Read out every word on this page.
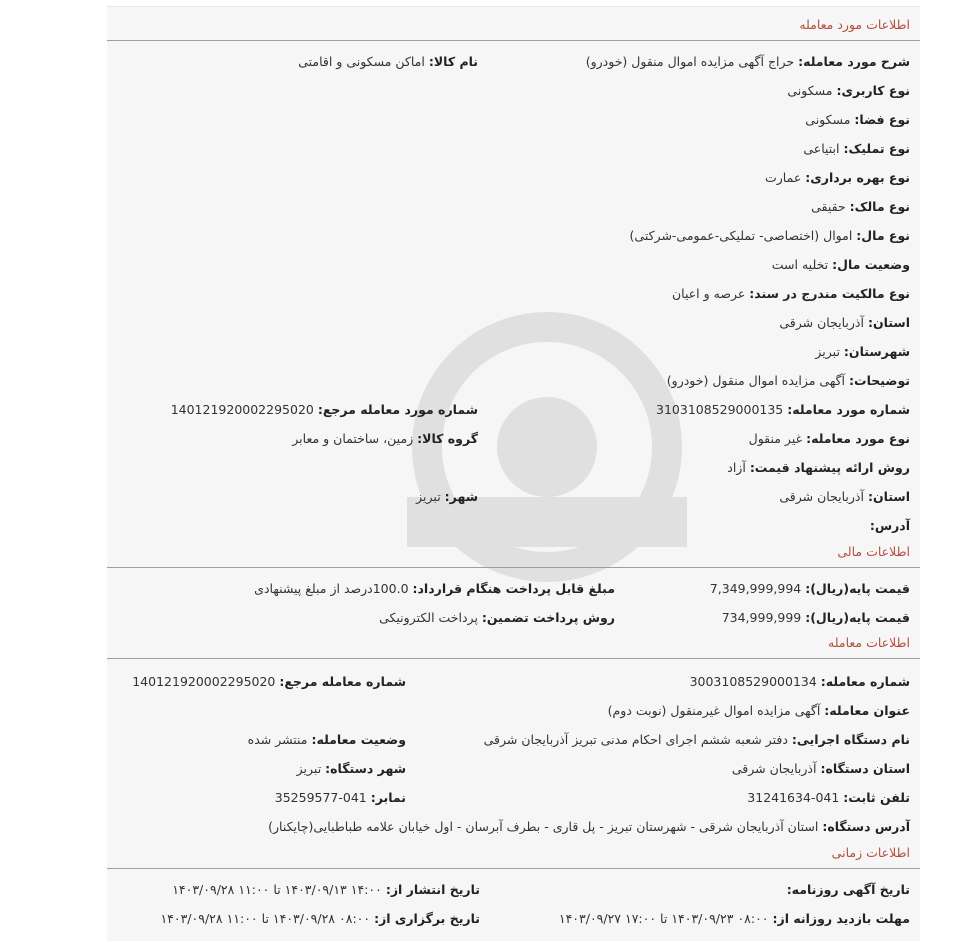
اطلاعات مورد معامله
شرح مورد معامله: حراج آگهی مزایده اموال منقول (خودرو)
نام کالا: اماکن مسکونی و اقامتی
نوع کاربری: مسکونی
نوع فضا: مسکونی
نوع تملیک: ابتیاعی
نوع بهره برداری: عمارت
نوع مالک: حقیقی
نوع مال: اموال (اختصاصی- تملیکی-عمومی-شرکتی)
وضعیت مال: تخلیه است
نوع مالکیت مندرج در سند: عرصه و اعیان
استان: آذربایجان شرقی
شهرستان: تبریز
توضیحات: آگهی مزایده اموال منقول (خودرو)
شماره مورد معامله: 3103108529000135
شماره مورد معامله مرجع: 14012192000229502‌0
نوع مورد معامله: غیر منقول
گروه کالا: زمین، ساختمان و معابر
روش ارائه پیشنهاد قیمت: آزاد
استان: آذربایجان شرقی
شهر: تبریز
آدرس:
اطلاعات مالی
قیمت پایه(ریال): 7,349,999,994
مبلغ قابل پرداخت هنگام قرارداد: 100.0درصد از مبلغ پیشنهادی
قیمت پایه(ریال): 734,999,999
روش پرداخت تضمین: پرداخت الکترونیکی
اطلاعات معامله
شماره معامله: 3003108529000134
شماره معامله مرجع: 140121920002295020
عنوان معامله: آگهی مزایده اموال غیرمنقول (نوبت دوم)
نام دستگاه اجرایی: دفتر شعبه ششم اجرای احکام مدنی تبریز آذربایجان شرقی
وضعیت معامله: منتشر شده
استان دستگاه: آذربایجان شرقی
شهر دستگاه: تبریز
تلفن ثابت: 041-31241634
نمابر: 041-35259577
آدرس دستگاه: استان آذربایجان شرقی - شهرستان تبریز - پل قاری - بطرف آبرسان - اول خیابان علامه طباطبایی(چایکنار)
اطلاعات زمانی
تاریخ آگهی روزنامه:
تاریخ انتشار از: ۱۴:۰۰ ۱۴۰۳/۰۹/۱۳ تا ۱۱:۰۰ ۱۴۰۳/۰۹/۲۸
مهلت بازدید روزانه از: ۰۸:۰۰ ۱۴۰۳/۰۹/۲۳ تا ۱۷:۰۰ ۱۴۰۳/۰۹/۲۷
تاریخ برگزاری از: ۰۸:۰۰ ۱۴۰۳/۰۹/۲۸ تا ۱۱:۰۰ ۱۴۰۳/۰۹/۲۸
